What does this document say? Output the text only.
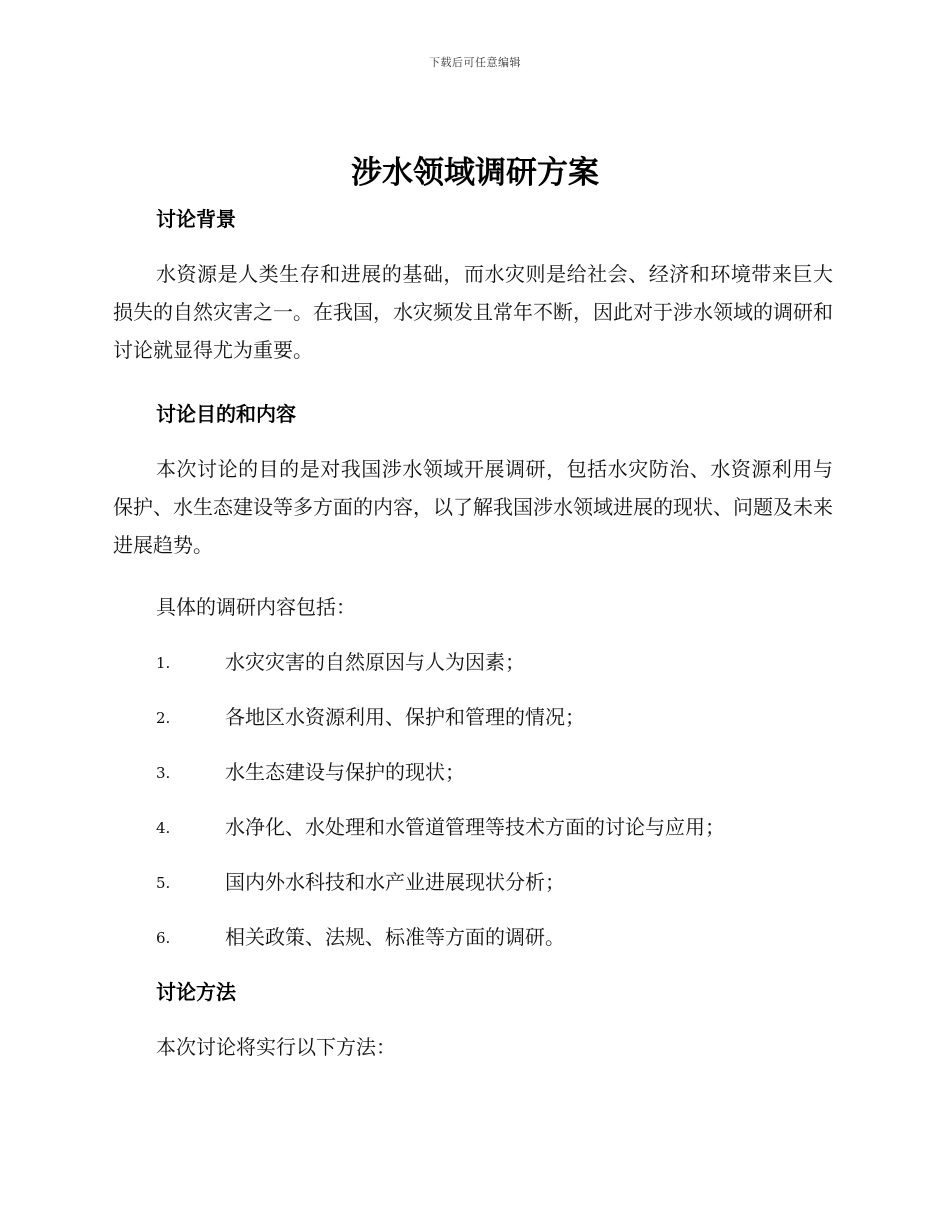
下载后可任意编辑
涉水领域调研方案
讨论背景

水资源是人类生存和进展的基础，而水灾则是给社会、经济和环境带来巨大损失的自然灾害之一。在我国，水灾频发且常年不断，因此对于涉水领域的调研和讨论就显得尤为重要。

讨论目的和内容

本次讨论的目的是对我国涉水领域开展调研，包括水灾防治、水资源利用与保护、水生态建设等多方面的内容，以了解我国涉水领域进展的现状、问题及未来进展趋势。

具体的调研内容包括：

1.	水灾灾害的自然原因与人为因素；
2.	各地区水资源利用、保护和管理的情况；
3.	水生态建设与保护的现状；
4.	水净化、水处理和水管道管理等技术方面的讨论与应用；
5.	国内外水科技和水产业进展现状分析；
6.	相关政策、法规、标准等方面的调研。
讨论方法

本次讨论将实行以下方法：
